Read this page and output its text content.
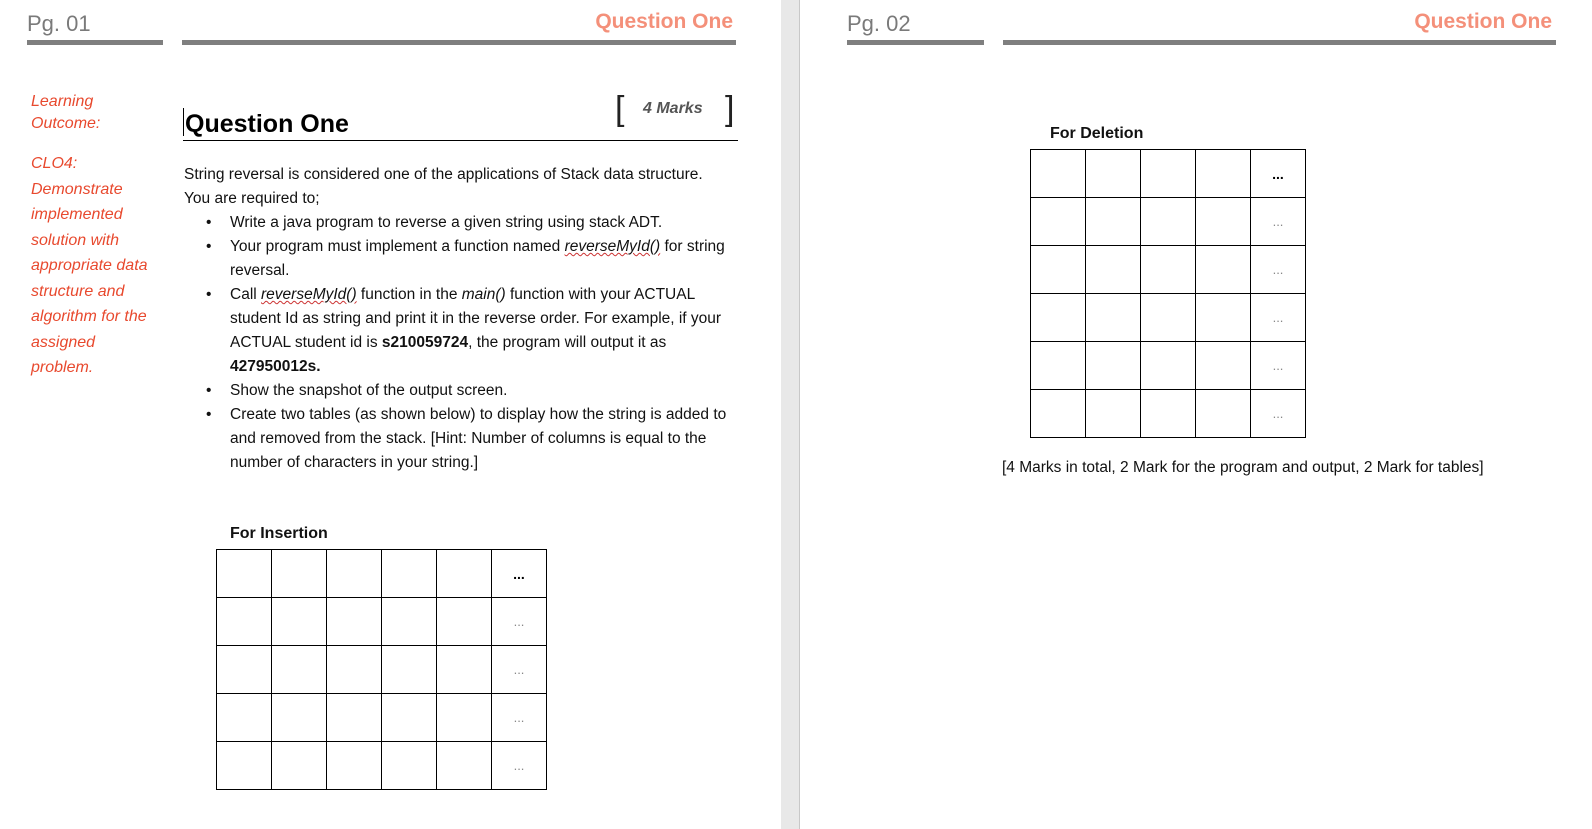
Pg. 01	Question One
Learning
Outcome:
CLO4:
Demonstrate
implemented
solution with
appropriate data
structure and
algorithm for the
assigned
problem.
Question One	[ 4 Marks ]

String reversal is considered one of the applications of Stack data structure.

You are required to;

• Write a java program to reverse a given string using stack ADT.
• Your program must implement a function named reverseMyId() for string reversal.
• Call reverseMyId() function in the main() function with your ACTUAL student Id as string and print it in the reverse order. For example, if your ACTUAL student id is s210059724, the program will output it as 427950012s.
• Show the snapshot of the output screen.
• Create two tables (as shown below) to display how the string is added to and removed from the stack. [Hint: Number of columns is equal to the number of characters in your string.]
For Insertion
					...
					...
					...
					...
					...
Pg. 02	Question One
For Deletion
				...
				...
				...
				...
				...
				...
[4 Marks in total, 2 Mark for the program and output, 2 Mark for tables]
